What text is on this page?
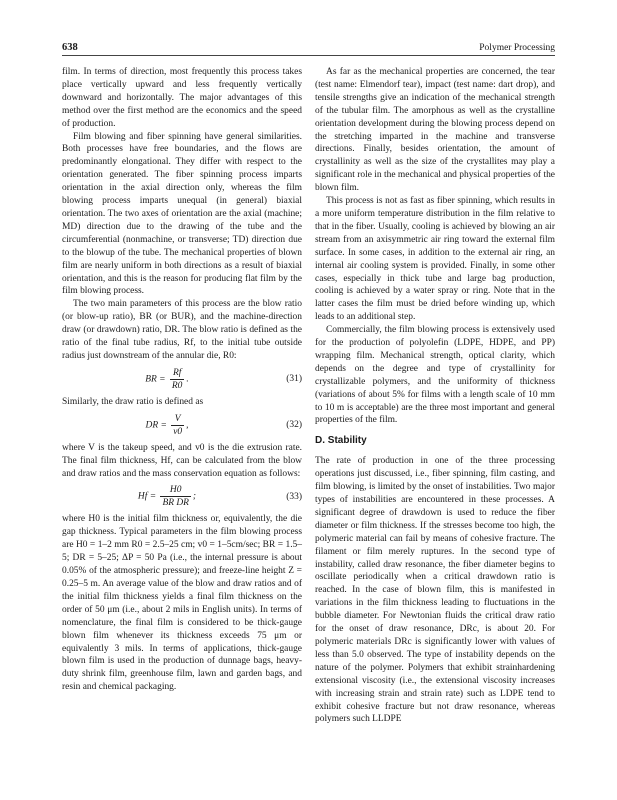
638	Polymer Processing

film. In terms of direction, most frequently this process takes place vertically upward and less frequently vertically downward and horizontally. The major advantages of this method over the first method are the economics and the speed of production.

Film blowing and fiber spinning have general similarities. Both processes have free boundaries, and the flows are predominantly elongational. They differ with respect to the orientation generated. The fiber spinning process imparts orientation in the axial direction only, whereas the film blowing process imparts unequal (in general) biaxial orientation. The two axes of orientation are the axial (machine; MD) direction due to the drawing of the tube and the circumferential (nonmachine, or transverse; TD) direction due to the blowup of the tube. The mechanical properties of blown film are nearly uniform in both directions as a result of biaxial orientation, and this is the reason for producing flat film by the film blowing process.

The two main parameters of this process are the blow ratio (or blow-up ratio), BR (or BUR), and the machine-direction draw (or drawdown) ratio, DR. The blow ratio is defined as the ratio of the final tube radius, Rf, to the initial tube outside radius just downstream of the annular die, R0:

BR = $\frac{Rf}{R0}$ .	(31)

Similarly, the draw ratio is defined as

DR = $\frac{V}{v0}$ ,	(32)

where V is the takeup speed, and v0 is the die extrusion rate. The final film thickness, Hf, can be calculated from the blow and draw ratios and the mass conservation equation as follows:

$Hf = \frac{H0}{\text{BR DR}}$ ;	(33)

where H0 is the initial film thickness or, equivalently, the die gap thickness. Typical parameters in the film blowing process are H0 = 1–2 mm R0 = 2.5–25 cm; v0 = 1–5cm/sec; BR = 1.5–5; DR = 5–25; ΔP = 50 Pa (i.e., the internal pressure is about 0.05% of the atmospheric pressure); and freeze-line height Z = 0.25–5 m. An average value of the blow and draw ratios and of the initial film thickness yields a final film thickness on the order of 50 μm (i.e., about 2 mils in English units). In terms of nomenclature, the final film is considered to be thick-gauge blown film whenever its thickness exceeds 75 μm or equivalently 3 mils. In terms of applications, thick-gauge blown film is used in the production of dunnage bags, heavy-duty shrink film, greenhouse film, lawn and garden bags, and resin and chemical packaging.

As far as the mechanical properties are concerned, the tear (test name: Elmendorf tear), impact (test name: dart drop), and tensile strengths give an indication of the mechanical strength of the tubular film. The amorphous as well as the crystalline orientation development during the blowing process depend on the stretching imparted in the machine and transverse directions. Finally, besides orientation, the amount of crystallinity as well as the size of the crystallites may play a significant role in the mechanical and physical properties of the blown film.

This process is not as fast as fiber spinning, which results in a more uniform temperature distribution in the film relative to that in the fiber. Usually, cooling is achieved by blowing an air stream from an axisymmetric air ring toward the external film surface. In some cases, in addition to the external air ring, an internal air cooling system is provided. Finally, in some other cases, especially in thick tube and large bag production, cooling is achieved by a water spray or ring. Note that in the latter cases the film must be dried before winding up, which leads to an additional step.

Commercially, the film blowing process is extensively used for the production of polyolefin (LDPE, HDPE, and PP) wrapping film. Mechanical strength, optical clarity, which depends on the degree and type of crystallinity for crystallizable polymers, and the uniformity of thickness (variations of about 5% for films with a length scale of 10 mm to 10 m is acceptable) are the three most important and general properties of the film.

D. Stability

The rate of production in one of the three processing operations just discussed, i.e., fiber spinning, film casting, and film blowing, is limited by the onset of instabilities. Two major types of instabilities are encountered in these processes. A significant degree of drawdown is used to reduce the fiber diameter or film thickness. If the stresses become too high, the polymeric material can fail by means of cohesive fracture. The filament or film merely ruptures. In the second type of instability, called draw resonance, the fiber diameter begins to oscillate periodically when a critical drawdown ratio is reached. In the case of blown film, this is manifested in variations in the film thickness leading to fluctuations in the bubble diameter. For Newtonian fluids the critical draw ratio for the onset of draw resonance, DRc, is about 20. For polymeric materials DRc is significantly lower with values of less than 5.0 observed. The type of instability depends on the nature of the polymer. Polymers that exhibit strainhardening extensional viscosity (i.e., the extensional viscosity increases with increasing strain and strain rate) such as LDPE tend to exhibit cohesive fracture but not draw resonance, whereas polymers such LLDPE
